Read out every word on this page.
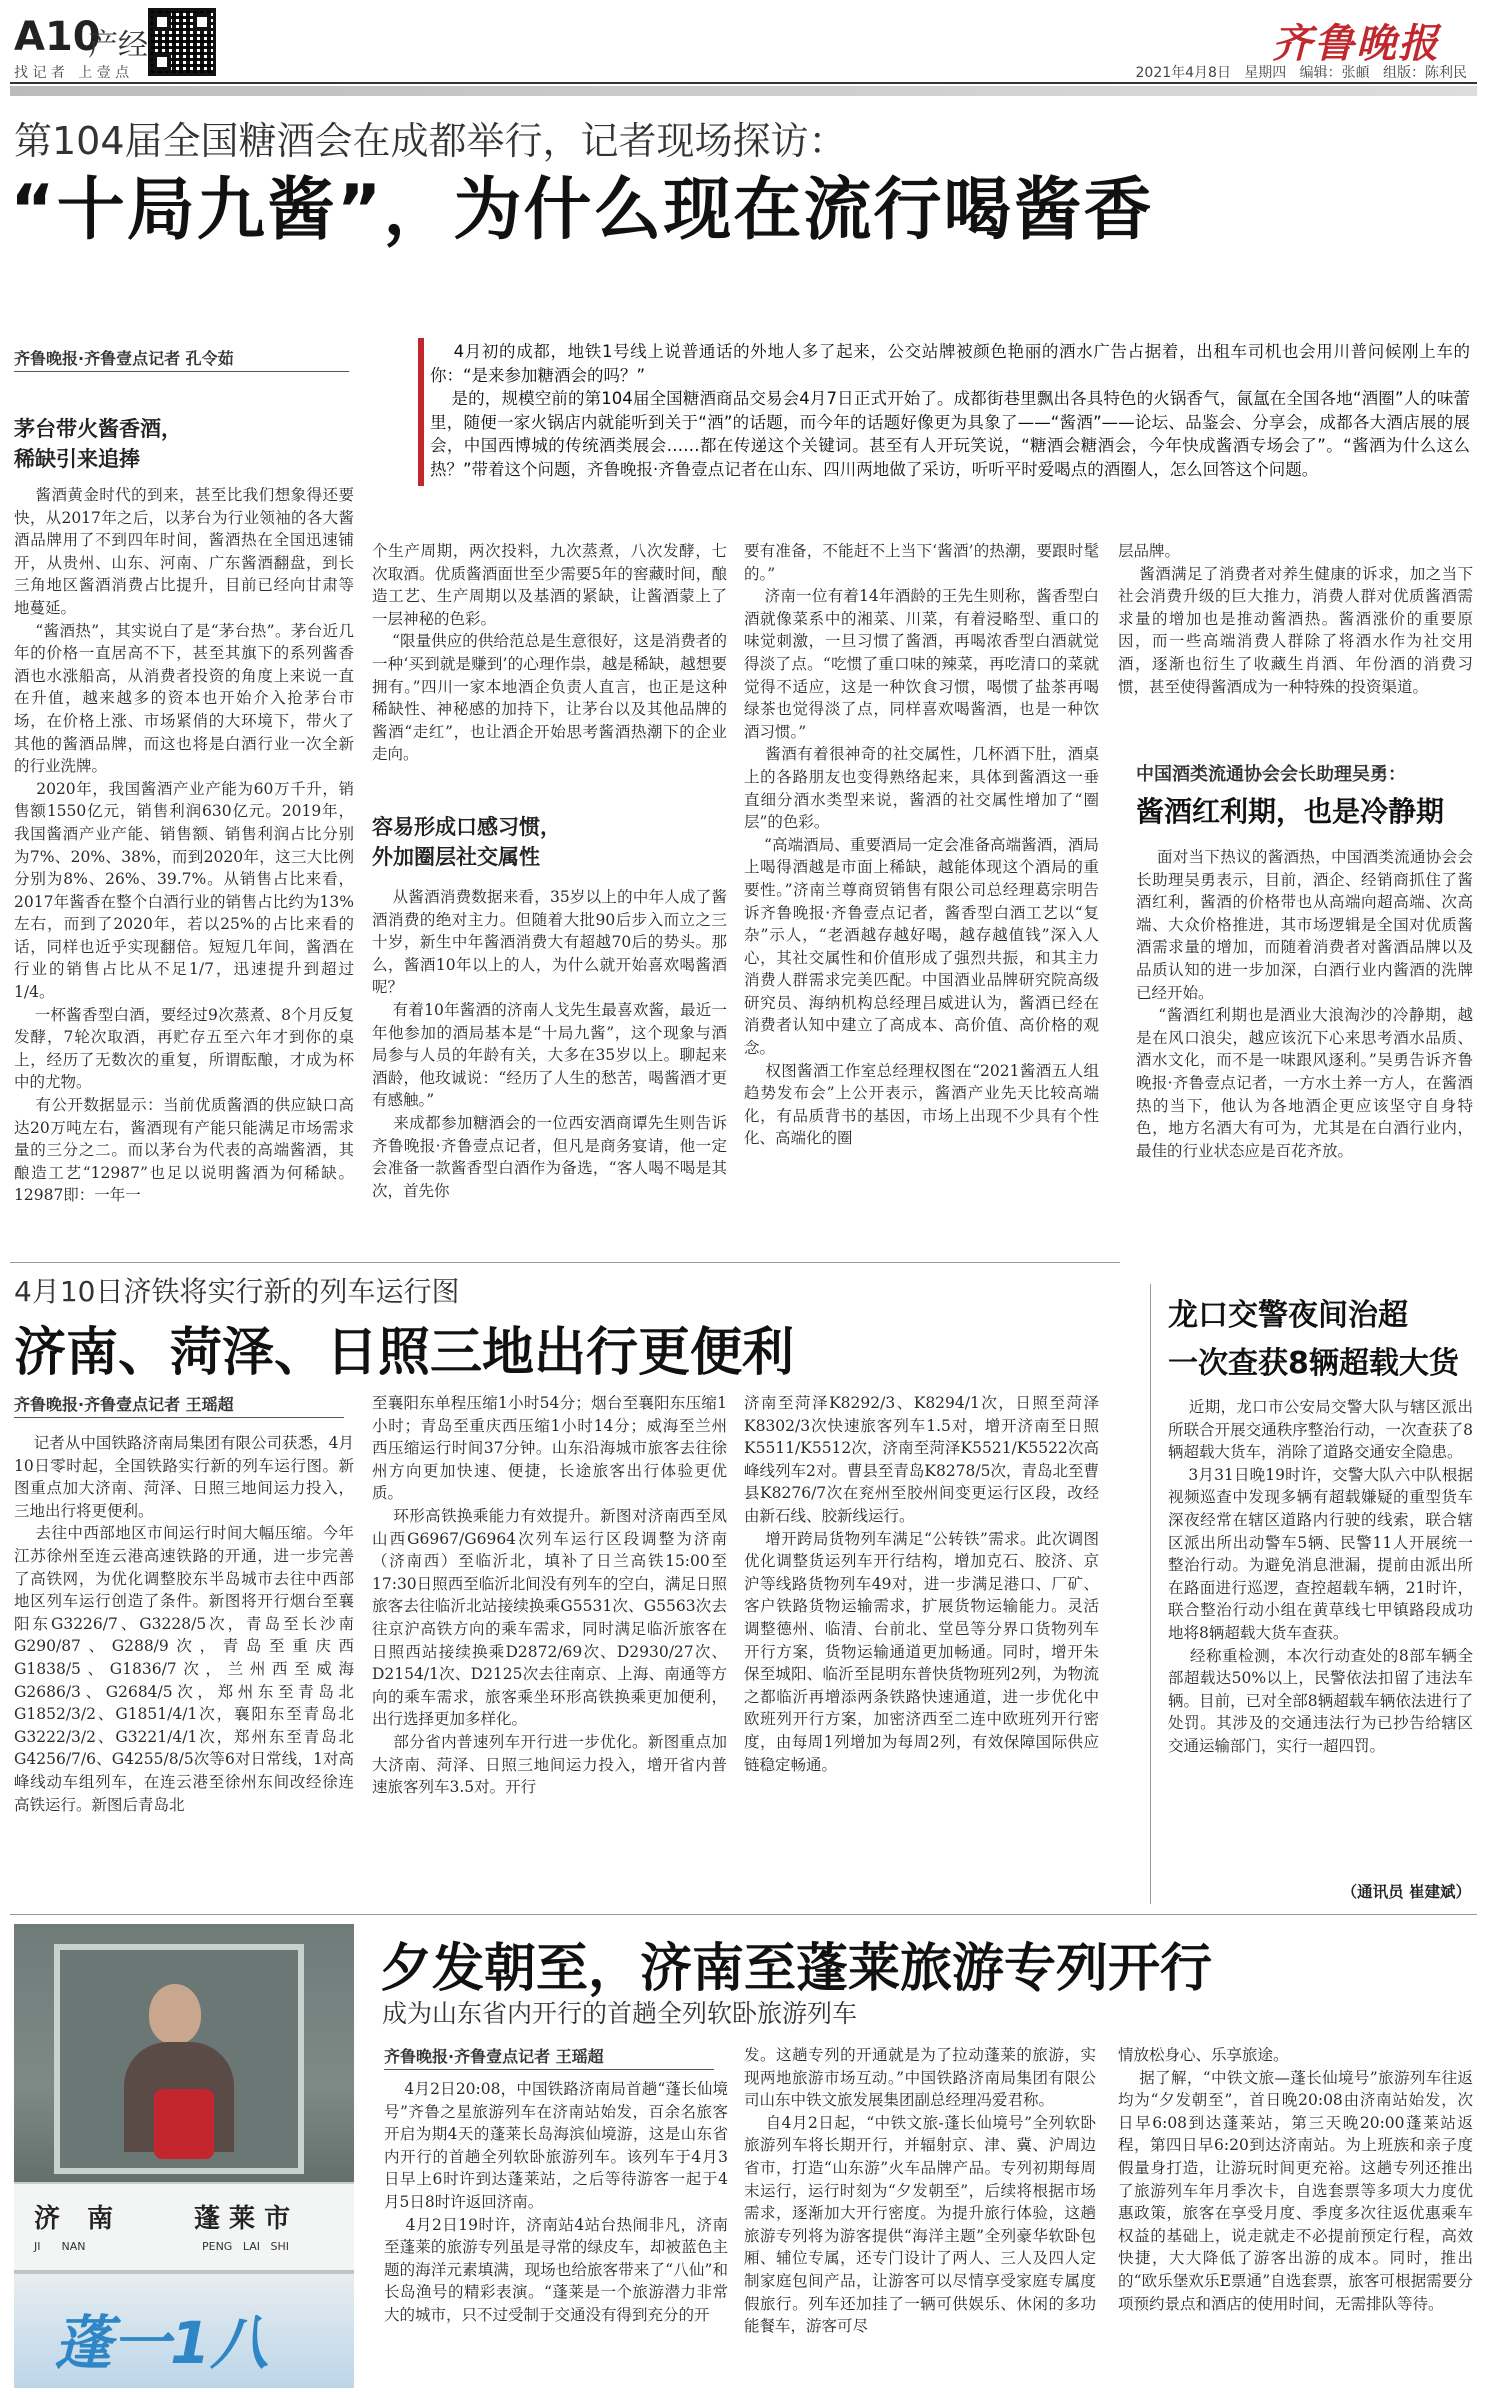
A10
产经
找 记 者   上 壹 点
齐鲁晚报
2021年4月8日   星期四   编辑：张頔   组版：陈利民
第104届全国糖酒会在成都举行，记者现场探访：
“十局九酱”，为什么现在流行喝酱香
齐鲁晚报·齐鲁壹点记者 孔令茹	4月初的成都，地铁1号线上说普通话的外地人多了起来，公交站牌被颜色艳丽的酒水广告占据着，出租车司机也会用川普问候刚上车的你：“是来参加糖酒会的吗？”
是的，规模空前的第104届全国糖酒商品交易会4月7日正式开始了。成都街巷里飘出各具特色的火锅香气，氤氲在全国各地“酒圈”人的味蕾里，随便一家火锅店内就能听到关于“酒”的话题，而今年的话题好像更为具象了——“酱酒”——论坛、品鉴会、分享会，成都各大酒店展的展会，中国西博城的传统酒类展会……都在传递这个关键词。甚至有人开玩笑说，“糖酒会糖酒会，今年快成酱酒专场会了”。“酱酒为什么这么热？”带着这个问题，齐鲁晚报·齐鲁壹点记者在山东、四川两地做了采访，听听平时爱喝点的酒圈人，怎么回答这个问题。
茅台带火酱香酒，
稀缺引来追捧
酱酒黄金时代的到来，甚至比我们想象得还要快，从2017年之后，以茅台为行业领袖的各大酱酒品牌用了不到四年时间，酱酒热在全国迅速铺开，从贵州、山东、河南、广东酱酒翻盘，到长三角地区酱酒消费占比提升，目前已经向甘肃等地蔓延。
“酱酒热”，其实说白了是“茅台热”。茅台近几年的价格一直居高不下，甚至其旗下的系列酱香酒也水涨船高，从消费者投资的角度上来说一直在升值，越来越多的资本也开始介入抢茅台市场，在价格上涨、市场紧俏的大环境下，带火了其他的酱酒品牌，而这也将是白酒行业一次全新的行业洗牌。
2020年，我国酱酒产业产能为60万千升，销售额1550亿元，销售利润630亿元。2019年，我国酱酒产业产能、销售额、销售利润占比分别为7%、20%、38%，而到2020年，这三大比例分别为8%、26%、39.7%。从销售占比来看，2017年酱香在整个白酒行业的销售占比约为13%左右，而到了2020年，若以25%的占比来看的话，同样也近乎实现翻倍。短短几年间，酱酒在行业的销售占比从不足1/7，迅速提升到超过1/4。
一杯酱香型白酒，要经过9次蒸煮、8个月反复发酵，7轮次取酒，再贮存五至六年才到你的桌上，经历了无数次的重复，所谓酝酿，才成为杯中的尤物。
有公开数据显示：当前优质酱酒的供应缺口高达20万吨左右，酱酒现有产能只能满足市场需求量的三分之二。而以茅台为代表的高端酱酒，其酿造工艺“12987”也足以说明酱酒为何稀缺。12987即：一年一
个生产周期，两次投料，九次蒸煮，八次发酵，七次取酒。优质酱酒面世至少需要5年的窖藏时间，酿造工艺、生产周期以及基酒的紧缺，让酱酒蒙上了一层神秘的色彩。
“限量供应的供给范总是生意很好，这是消费者的一种‘买到就是赚到’的心理作祟，越是稀缺，越想要拥有。”四川一家本地酒企负责人直言，也正是这种稀缺性、神秘感的加持下，让茅台以及其他品牌的酱酒“走红”，也让酒企开始思考酱酒热潮下的企业走向。
容易形成口感习惯，
外加圈层社交属性
从酱酒消费数据来看，35岁以上的中年人成了酱酒消费的绝对主力。但随着大批90后步入而立之三十岁，新生中年酱酒消费大有超越70后的势头。那么，酱酒10年以上的人，为什么就开始喜欢喝酱酒呢？
有着10年酱酒的济南人戈先生最喜欢酱，最近一年他参加的酒局基本是“十局九酱”，这个现象与酒局参与人员的年龄有关，大多在35岁以上。聊起来酒龄，他玫诚说：“经历了人生的愁苦，喝酱酒才更有感触。”
来成都参加糖酒会的一位西安酒商谭先生则告诉齐鲁晚报·齐鲁壹点记者，但凡是商务宴请，他一定会准备一款酱香型白酒作为备选，“客人喝不喝是其次，首先你
要有准备，不能赶不上当下‘酱酒’的热潮，要跟时髦的。”
济南一位有着14年酒龄的王先生则称，酱香型白酒就像菜系中的湘菜、川菜，有着浸略型、重口的味觉刺激，一旦习惯了酱酒，再喝浓香型白酒就觉得淡了点。“吃惯了重口味的辣菜，再吃清口的菜就觉得不适应，这是一种饮食习惯，喝惯了盐茶再喝绿茶也觉得淡了点，同样喜欢喝酱酒，也是一种饮酒习惯。”
酱酒有着很神奇的社交属性，几杯酒下肚，酒桌上的各路朋友也变得熟络起来，具体到酱酒这一垂直细分酒水类型来说，酱酒的社交属性增加了“圈层”的色彩。
“高端酒局、重要酒局一定会准备高端酱酒，酒局上喝得酒越是市面上稀缺，越能体现这个酒局的重要性。”济南兰尊商贸销售有限公司总经理葛宗明告诉齐鲁晚报·齐鲁壹点记者，酱香型白酒工艺以“复杂”示人，“老酒越存越好喝，越存越值钱”深入人心，其社交属性和价值形成了强烈共振，和其主力消费人群需求完美匹配。中国酒业品牌研究院高级研究员、海纳机构总经理吕威进认为，酱酒已经在消费者认知中建立了高成本、高价值、高价格的观念。
权图酱酒工作室总经理权图在“2021酱酒五人组趋势发布会”上公开表示，酱酒产业先天比较高端化，有品质背书的基因，市场上出现不少具有个性化、高端化的圈
层品牌。
酱酒满足了消费者对养生健康的诉求，加之当下社会消费升级的巨大推力，消费人群对优质酱酒需求量的增加也是推动酱酒热。酱酒涨价的重要原因，而一些高端消费人群除了将酒水作为社交用酒，逐渐也衍生了收藏生肖酒、年份酒的消费习惯，甚至使得酱酒成为一种特殊的投资渠道。
中国酒类流通协会会长助理吴勇：
酱酒红利期，也是冷静期
面对当下热议的酱酒热，中国酒类流通协会会长助理吴勇表示，目前，酒企、经销商抓住了酱酒红利，酱酒的价格带也从高端向超高端、次高端、大众价格推进，其市场逻辑是全国对优质酱酒需求量的增加，而随着消费者对酱酒品牌以及品质认知的进一步加深，白酒行业内酱酒的洗牌已经开始。
“酱酒红利期也是酒业大浪淘沙的冷静期，越是在风口浪尖，越应该沉下心来思考酒水品质、酒水文化，而不是一味跟风逐利。”吴勇告诉齐鲁晚报·齐鲁壹点记者，一方水土养一方人，在酱酒热的当下，他认为各地酒企更应该坚守自身特色，地方名酒大有可为，尤其是在白酒行业内，最佳的行业状态应是百花齐放。
4月10日济铁将实行新的列车运行图
济南、菏泽、日照三地出行更便利
齐鲁晚报·齐鲁壹点记者 王瑶超
记者从中国铁路济南局集团有限公司获悉，4月10日零时起，全国铁路实行新的列车运行图。新图重点加大济南、菏泽、日照三地间运力投入，三地出行将更便利。
去往中西部地区市间运行时间大幅压缩。今年江苏徐州至连云港高速铁路的开通，进一步完善了高铁网，为优化调整胶东半岛城市去往中西部地区列车运行创造了条件。新图将开行烟台至襄阳东G3226/7、G3228/5次，青岛至长沙南G290/87、G288/9次，青岛至重庆西G1838/5、G1836/7次，兰州西至威海G2686/3、G2684/5次，郑州东至青岛北G1852/3/2、G1851/4/1次，襄阳东至青岛北G3222/3/2、G3221/4/1次，郑州东至青岛北G4256/7/6、G4255/8/5次等6对日常线，1对高峰线动车组列车，在连云港至徐州东间改经徐连高铁运行。新图后青岛北
至襄阳东单程压缩1小时54分；烟台至襄阳东压缩1小时；青岛至重庆西压缩1小时14分；威海至兰州西压缩运行时间37分钟。山东沿海城市旅客去往徐州方向更加快速、便捷，长途旅客出行体验更优质。
环形高铁换乘能力有效提升。新图对济南西至凤山西G6967/G6964次列车运行区段调整为济南（济南西）至临沂北，填补了日兰高铁15:00至17:30日照西至临沂北间没有列车的空白，满足日照旅客去往临沂北站接续换乘G5531次、G5563次去往京沪高铁方向的乘车需求，同时满足临沂旅客在日照西站接续换乘D2872/69次、D2930/27次、D2154/1次、D2125次去往南京、上海、南通等方向的乘车需求，旅客乘坐环形高铁换乘更加便利，出行选择更加多样化。
部分省内普速列车开行进一步优化。新图重点加大济南、菏泽、日照三地间运力投入，增开省内普速旅客列车3.5对。开行
济南至菏泽K8292/3、K8294/1次，日照至菏泽K8302/3次快速旅客列车1.5对，增开济南至日照K5511/K5512次，济南至菏泽K5521/K5522次高峰线列车2对。曹县至青岛K8278/5次，青岛北至曹县K8276/7次在兖州至胶州间变更运行区段，改经由新石线、胶新线运行。
增开跨局货物列车满足“公转铁”需求。此次调图优化调整货运列车开行结构，增加克石、胶济、京沪等线路货物列车49对，进一步满足港口、厂矿、客户铁路货物运输需求，扩展货物运输能力。灵活调整德州、临清、台前北、堂邑等分界口货物列车开行方案，货物运输通道更加畅通。同时，增开朱保至城阳、临沂至昆明东普快货物班列2列，为物流之都临沂再增添两条铁路快速通道，进一步优化中欧班列开行方案，加密济西至二连中欧班列开行密度，由每周1列增加为每周2列，有效保障国际供应链稳定畅通。
龙口交警夜间治超
一次查获8辆超载大货
近期，龙口市公安局交警大队与辖区派出所联合开展交通秩序整治行动，一次查获了8辆超载大货车，消除了道路交通安全隐患。
3月31日晚19时许，交警大队六中队根据视频巡查中发现多辆有超载嫌疑的重型货车深夜经常在辖区道路内行驶的线索，联合辖区派出所出动警车5辆、民警11人开展统一整治行动。为避免消息泄漏，提前由派出所在路面进行巡逻，查控超载车辆，21时许，联合整治行动小组在黄草线七甲镇路段成功地将8辆超载大货车查获。
经称重检测，本次行动查处的8部车辆全部超载达50%以上，民警依法扣留了违法车辆。目前，已对全部8辆超载车辆依法进行了处罚。其涉及的交通违法行为已抄告给辖区交通运输部门，实行一超四罚。
（通讯员 崔建斌）
济   南	蓬 莱 市
JI      NAN	PENG   LAI   SHI
蓬一1八
夕发朝至，济南至蓬莱旅游专列开行
成为山东省内开行的首趟全列软卧旅游列车
齐鲁晚报·齐鲁壹点记者 王瑶超
4月2日20:08，中国铁路济南局首趟“蓬长仙境号”齐鲁之星旅游列车在济南站始发，百余名旅客开启为期4天的蓬莱长岛海滨仙境游，这是山东省内开行的首趟全列软卧旅游列车。该列车于4月3日早上6时许到达蓬莱站，之后等待游客一起于4月5日8时许返回济南。
4月2日19时许，济南站4站台热闹非凡，济南至蓬莱的旅游专列虽是寻常的绿皮车，却被蓝色主题的海洋元素填满，现场也给旅客带来了“八仙”和长岛渔号的精彩表演。“蓬莱是一个旅游潜力非常大的城市，只不过受制于交通没有得到充分的开
发。这趟专列的开通就是为了拉动蓬莱的旅游，实现两地旅游市场互动。”中国铁路济南局集团有限公司山东中铁文旅发展集团副总经理冯爱君称。
自4月2日起，“中铁文旅-蓬长仙境号”全列软卧旅游列车将长期开行，并辐射京、津、冀、沪周边省市，打造“山东游”火车品牌产品。专列初期每周末运行，运行时刻为“夕发朝至”，后续将根据市场需求，逐渐加大开行密度。为提升旅行体验，这趟旅游专列将为游客提供“海洋主题”全列豪华软卧包厢、辅位专属，还专门设计了两人、三人及四人定制家庭包间产品，让游客可以尽情享受家庭专属度假旅行。列车还加挂了一辆可供娱乐、休闲的多功能餐车，游客可尽
情放松身心、乐享旅途。
据了解，“中铁文旅—蓬长仙境号”旅游列车往返均为“夕发朝至”，首日晚20:08由济南站始发，次日早6:08到达蓬莱站，第三天晚20:00蓬莱站返程，第四日早6:20到达济南站。为上班族和亲子度假量身打造，让游玩时间更充裕。这趟专列还推出了旅游列车年月季次卡，自选套票等多项大力度优惠政策，旅客在享受月度、季度多次往返优惠乘车权益的基础上，说走就走不必提前预定行程，高效快捷，大大降低了游客出游的成本。同时，推出的“欧乐堡欢乐E票通”自选套票，旅客可根据需要分项预约景点和酒店的使用时间，无需排队等待。
